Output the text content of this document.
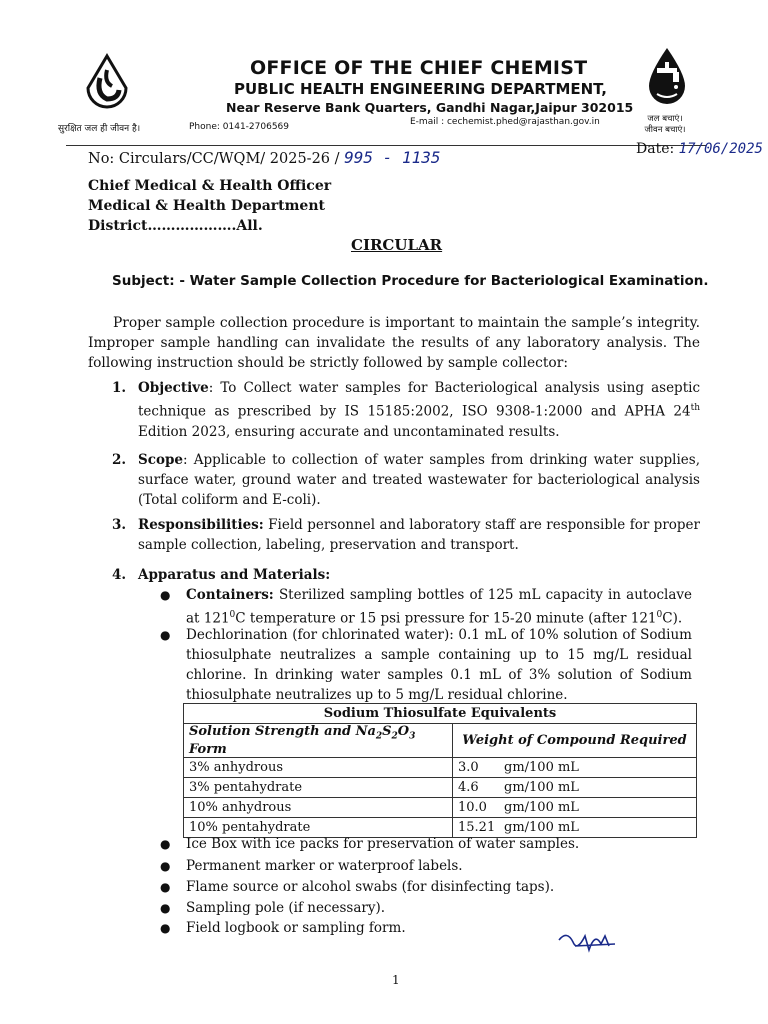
OFFICE OF THE CHIEF CHEMIST
PUBLIC HEALTH ENGINEERING DEPARTMENT,
Near Reserve Bank Quarters, Gandhi Nagar,Jaipur 302015
सुरक्षित जल ही जीवन है।	Phone: 0141-2706569	E-mail : cechemist.phed@rajasthan.gov.in	जल बचाएं।
जीवन बचाएं।
No: Circulars/CC/WQM/ 2025-26 / 995 - 1135	Date: 17/06/2025
Chief Medical & Health Officer
Medical & Health Department
District……………….All.
CIRCULAR
Subject: - Water Sample Collection Procedure for Bacteriological Examination.
Proper sample collection procedure is important to maintain the sample’s integrity. Improper sample handling can invalidate the results of any laboratory analysis. The following instruction should be strictly followed by sample collector:
1. Objective: To Collect water samples for Bacteriological analysis using aseptic technique as prescribed by IS 15185:2002, ISO 9308-1:2000 and APHA 24th Edition 2023, ensuring accurate and uncontaminated results.
2. Scope: Applicable to collection of water samples from drinking water supplies, surface water, ground water and treated wastewater for bacteriological analysis (Total coliform and E-coli).
3. Responsibilities: Field personnel and laboratory staff are responsible for proper sample collection, labeling, preservation and transport.
4. Apparatus and Materials:
● Containers: Sterilized sampling bottles of 125 mL capacity in autoclave at $121^0C$ temperature or 15 psi pressure for 15-20 minute (after $121^0C$).
● Dechlorination (for chlorinated water): 0.1 mL of 10% solution of Sodium thiosulphate neutralizes a sample containing up to 15 mg/L residual chlorine. In drinking water samples 0.1 mL of 3% solution of Sodium thiosulphate neutralizes up to 5 mg/L residual chlorine.
Sodium Thiosulfate Equivalents	
Solution Strength and $Na_2S_2O_3$ Form	Weight of Compound Required
3% anhydrous	3.0 gm/100 mL
3% pentahydrate	4.6 gm/100 mL
10% anhydrous	10.0 gm/100 mL
10% pentahydrate	15.21 gm/100 mL
● Ice Box with ice packs for preservation of water samples.
● Permanent marker or waterproof labels.
● Flame source or alcohol swabs (for disinfecting taps).
● Sampling pole (if necessary).
● Field logbook or sampling form.
1
